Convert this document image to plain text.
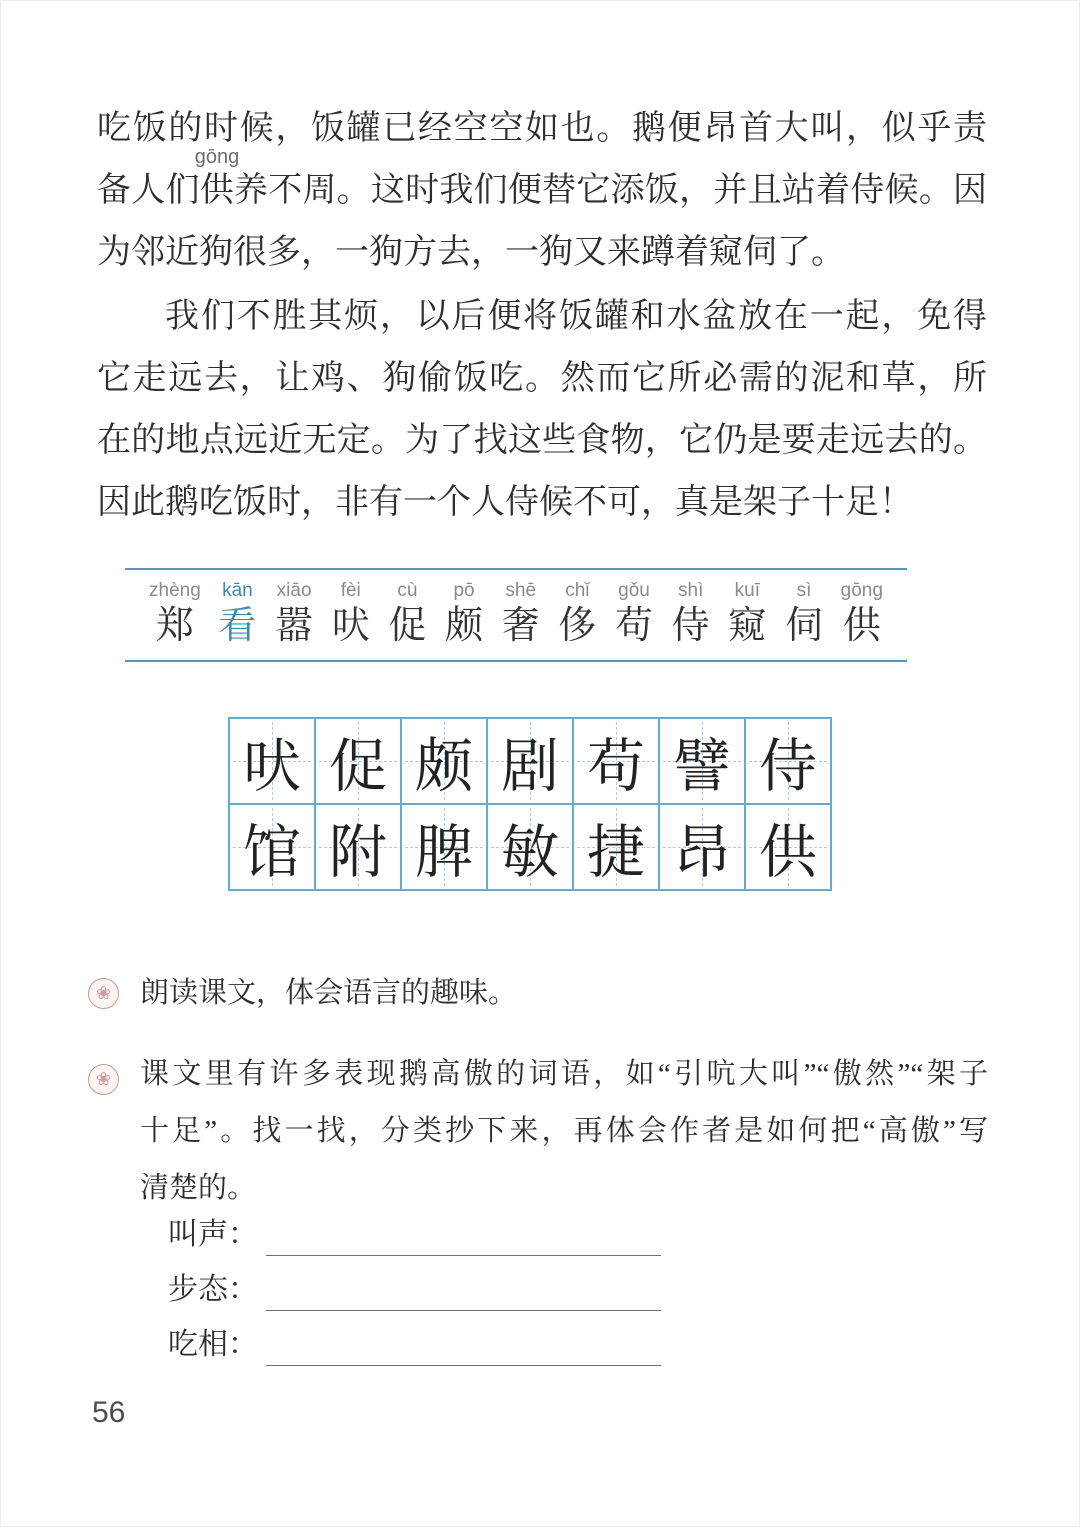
吃饭的时候，饭罐已经空空如也。鹅便昂首大叫，似乎责
备人们供养不周。这时我们便替它添饭，并且站着侍候。因
为邻近狗很多，一狗方去，一狗又来蹲着窥伺了。
gōng
我们不胜其烦，以后便将饭罐和水盆放在一起，免得
它走远去，让鸡、狗偷饭吃。然而它所必需的泥和草，所
在的地点远近无定。为了找这些食物，它仍是要走远去的。
因此鹅吃饭时，非有一个人侍候不可，真是架子十足！
zhèng
郑
kān
看
xiāo
嚣
fèi
吠
cù
促
pō
颇
shē
奢
chǐ
侈
gǒu
苟
shì
侍
kuī
窥
sì
伺
gōng
供
吠 促 颇 剧 苟 譬 侍
馆 附 脾 敏 捷 昂 供
❀ 朗读课文，体会语言的趣味。
❀ 课文里有许多表现鹅高傲的词语，如“引吭大叫”“傲然”“架子
十足”。找一找，分类抄下来，再体会作者是如何把“高傲”写
清楚的。
叫声：
步态：
吃相：
56
